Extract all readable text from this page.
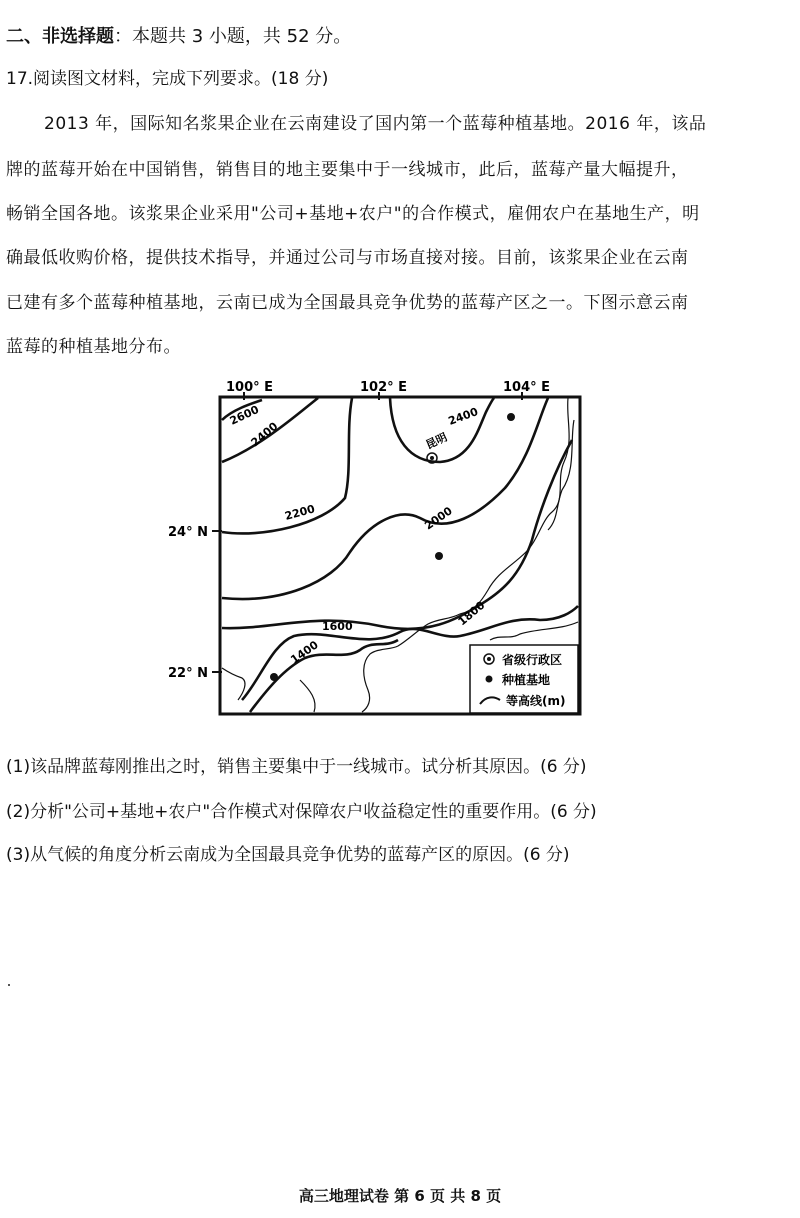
二、非选择题：本题共 3 小题，共 52 分。
17.阅读图文材料，完成下列要求。(18 分)
2013 年，国际知名浆果企业在云南建设了国内第一个蓝莓种植基地。2016 年，该品
牌的蓝莓开始在中国销售，销售目的地主要集中于一线城市，此后，蓝莓产量大幅提升，
畅销全国各地。该浆果企业采用"公司+基地+农户"的合作模式，雇佣农户在基地生产，明
确最低收购价格，提供技术指导，并通过公司与市场直接对接。目前，该浆果企业在云南
已建有多个蓝莓种植基地，云南已成为全国最具竞争优势的蓝莓产区之一。下图示意云南
蓝莓的种植基地分布。
100° E	102° E	104° E
24° N
22° N
2600
2400
2400
2200	2000
1600	1800
1400
昆明
省级行政区
种植基地
等高线(m)
(1)该品牌蓝莓刚推出之时，销售主要集中于一线城市。试分析其原因。(6 分)
(2)分析"公司+基地+农户"合作模式对保障农户收益稳定性的重要作用。(6 分)
(3)从气候的角度分析云南成为全国最具竞争优势的蓝莓产区的原因。(6 分)
高三地理试卷 第 6 页 共 8 页
